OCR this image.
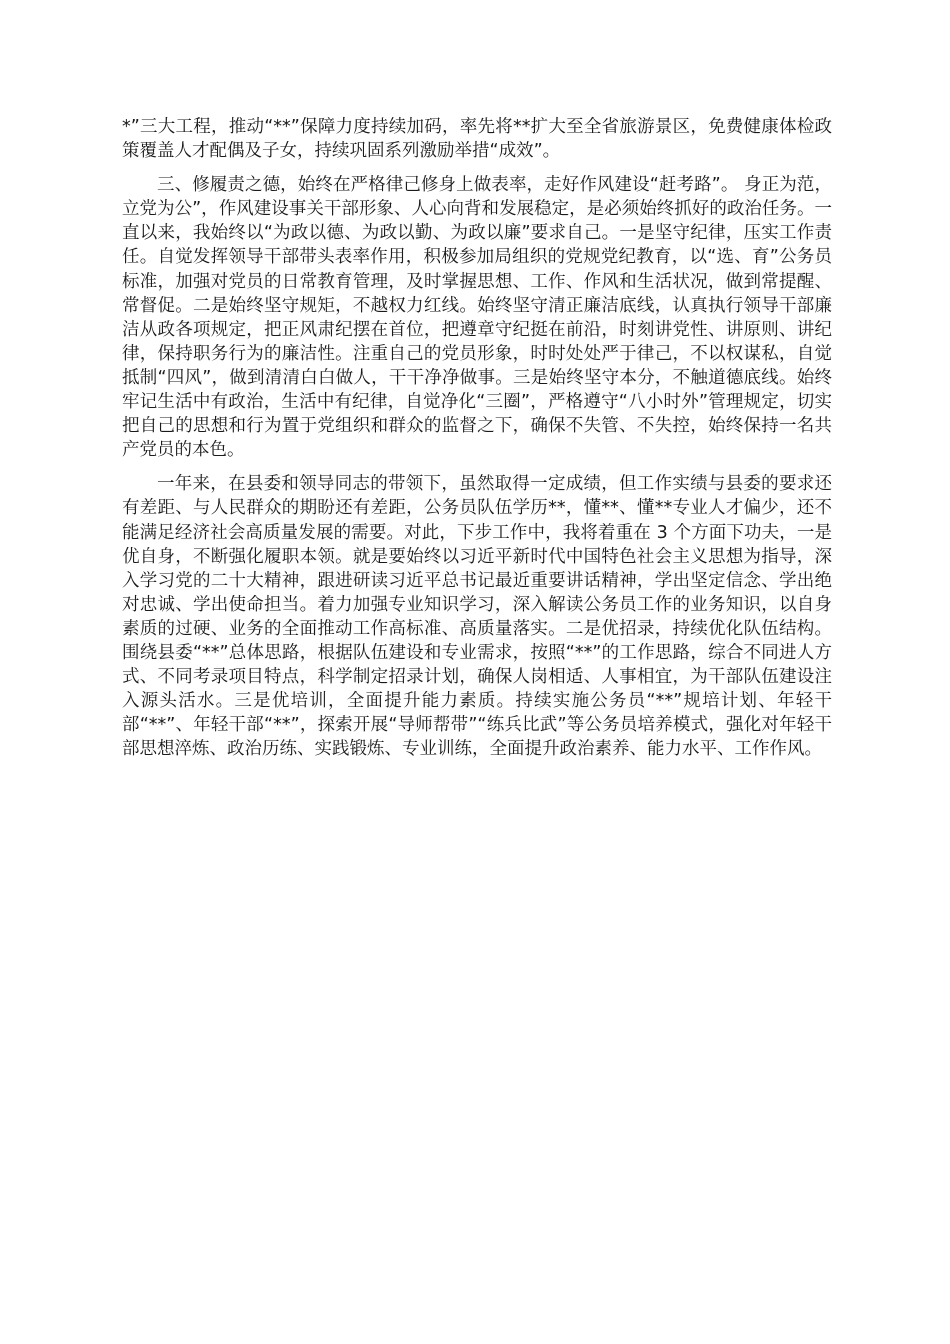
*”三大工程，推动“**”保障力度持续加码，率先将**扩大至全省旅游景区，免费健康体检政策覆盖人才配偶及子女，持续巩固系列激励举措“成效”。

三、修履责之德，始终在严格律己修身上做表率，走好作风建设“赶考路”。 身正为范，立党为公”，作风建设事关干部形象、人心向背和发展稳定，是必须始终抓好的政治任务。一直以来，我始终以“为政以德、为政以勤、为政以廉”要求自己。一是坚守纪律，压实工作责任。自觉发挥领导干部带头表率作用，积极参加局组织的党规党纪教育，以“选、育”公务员标准，加强对党员的日常教育管理，及时掌握思想、工作、作风和生活状况，做到常提醒、常督促。二是始终坚守规矩，不越权力红线。始终坚守清正廉洁底线，认真执行领导干部廉洁从政各项规定，把正风肃纪摆在首位，把遵章守纪挺在前沿，时刻讲党性、讲原则、讲纪律，保持职务行为的廉洁性。注重自己的党员形象，时时处处严于律己，不以权谋私，自觉抵制“四风”，做到清清白白做人，干干净净做事。三是始终坚守本分，不触道德底线。始终牢记生活中有政治，生活中有纪律，自觉净化“三圈”，严格遵守“八小时外”管理规定，切实把自己的思想和行为置于党组织和群众的监督之下，确保不失管、不失控，始终保持一名共产党员的本色。

一年来，在县委和领导同志的带领下，虽然取得一定成绩，但工作实绩与县委的要求还有差距、与人民群众的期盼还有差距，公务员队伍学历**，懂**、懂**专业人才偏少，还不能满足经济社会高质量发展的需要。对此，下步工作中，我将着重在 3 个方面下功夫，一是优自身，不断强化履职本领。就是要始终以习近平新时代中国特色社会主义思想为指导，深入学习党的二十大精神，跟进研读习近平总书记最近重要讲话精神，学出坚定信念、学出绝对忠诚、学出使命担当。着力加强专业知识学习，深入解读公务员工作的业务知识，以自身素质的过硬、业务的全面推动工作高标准、高质量落实。二是优招录，持续优化队伍结构。围绕县委“**”总体思路，根据队伍建设和专业需求，按照“**”的工作思路，综合不同进人方式、不同考录项目特点，科学制定招录计划，确保人岗相适、人事相宜，为干部队伍建设注入源头活水。三是优培训，全面提升能力素质。持续实施公务员“**”规培计划、年轻干部“**”、年轻干部“**”，探索开展“导师帮带”“练兵比武”等公务员培养模式，强化对年轻干部思想淬炼、政治历练、实践锻炼、专业训练，全面提升政治素养、能力水平、工作作风。
